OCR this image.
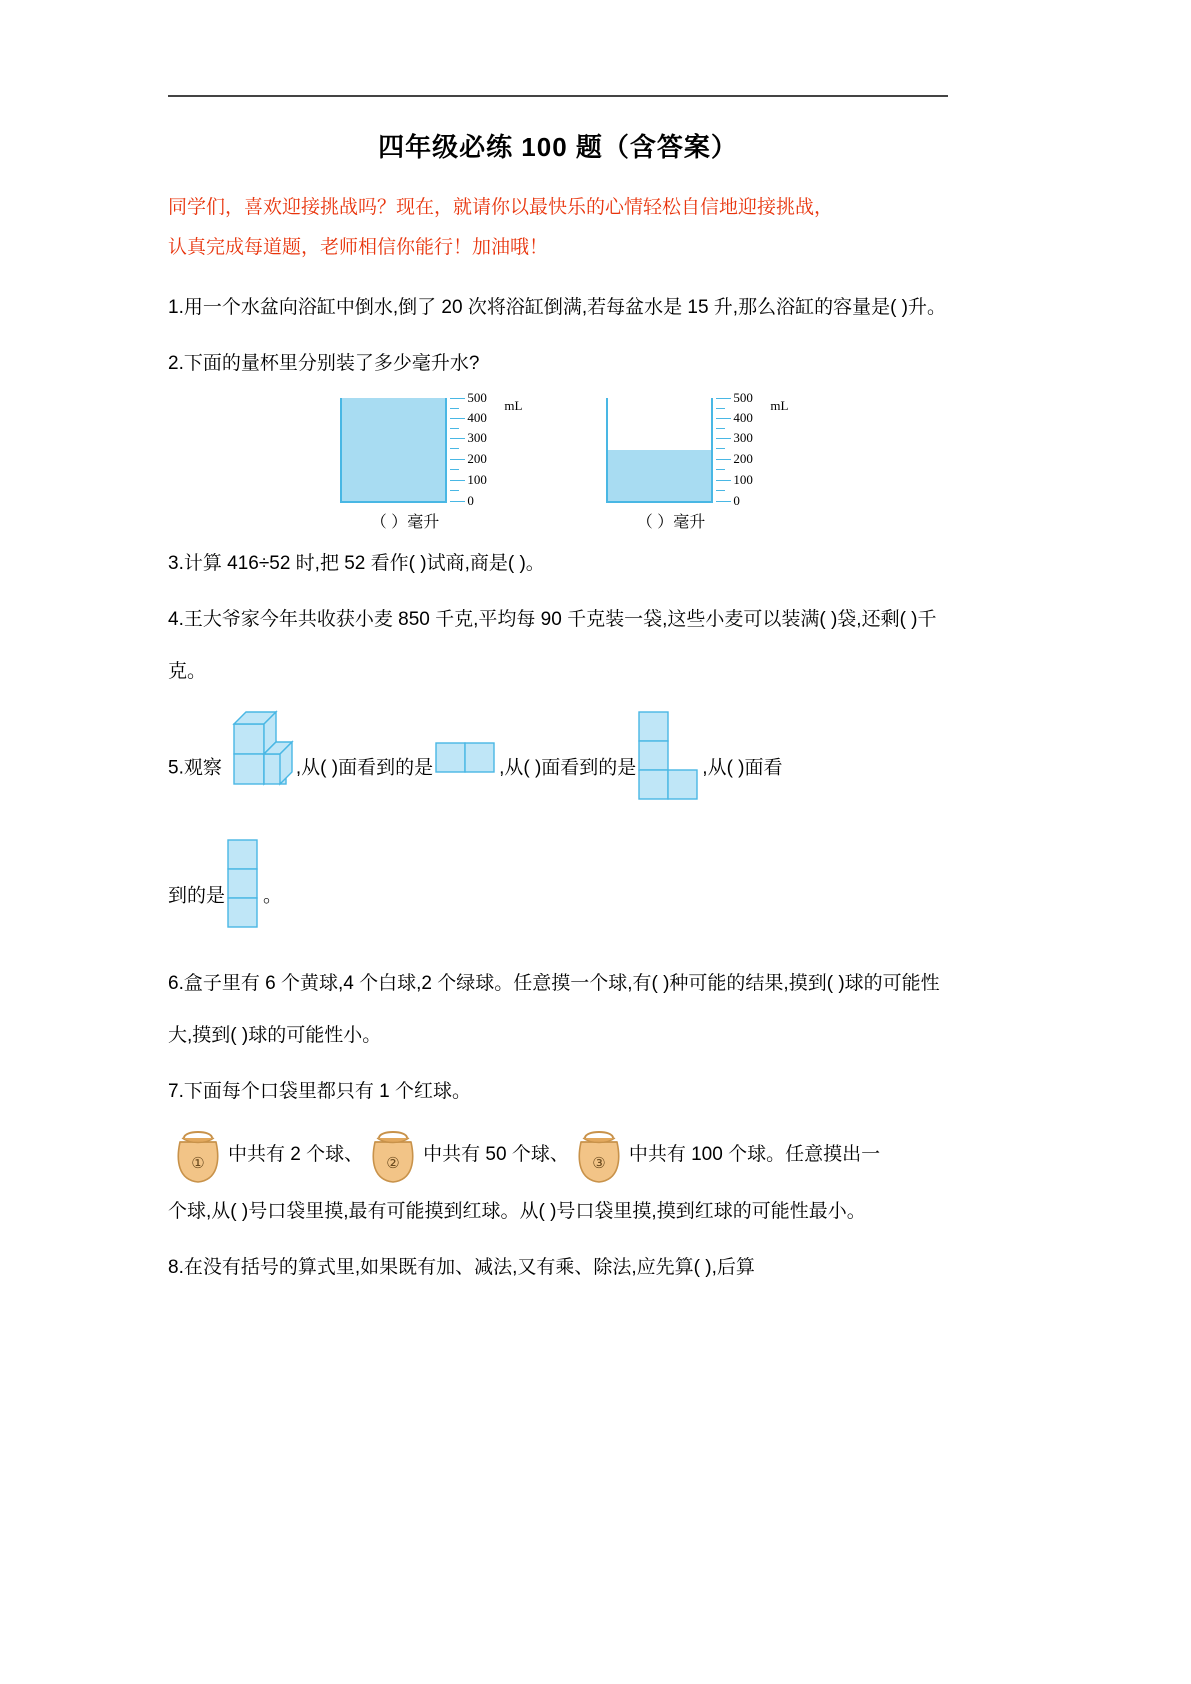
四年级必练 100 题（含答案）
同学们，喜欢迎接挑战吗？现在，就请你以最快乐的心情轻松自信地迎接挑战，
认真完成每道题，老师相信你能行！加油哦！
1.用一个水盆向浴缸中倒水,倒了 20 次将浴缸倒满,若每盆水是 15 升,那么浴缸的容量是( )升。
2.下面的量杯里分别装了多少毫升水?
500
mL
400
300
200
100
0
（ ）毫升
500
mL
400
300
200
100
0
（ ）毫升
3.计算 416÷52 时,把 52 看作( )试商,商是( )。
4.王大爷家今年共收获小麦 850 千克,平均每 90 千克装一袋,这些小麦可以装满( )袋,还剩( )千克。
5.观察	,从( )面看到的是	,从( )面看到的是	,从( )面看
到的是 。
6.盒子里有 6 个黄球,4 个白球,2 个绿球。任意摸一个球,有( )种可能的结果,摸到( )球的可能性大,摸到( )球的可能性小。
7.下面每个口袋里都只有 1 个红球。
① 中共有 2 个球、 ② 中共有 50 个球、 ③ 中共有 100 个球。任意摸出一
个球,从( )号口袋里摸,最有可能摸到红球。从( )号口袋里摸,摸到红球的可能性最小。
8.在没有括号的算式里,如果既有加、减法,又有乘、除法,应先算( ),后算
